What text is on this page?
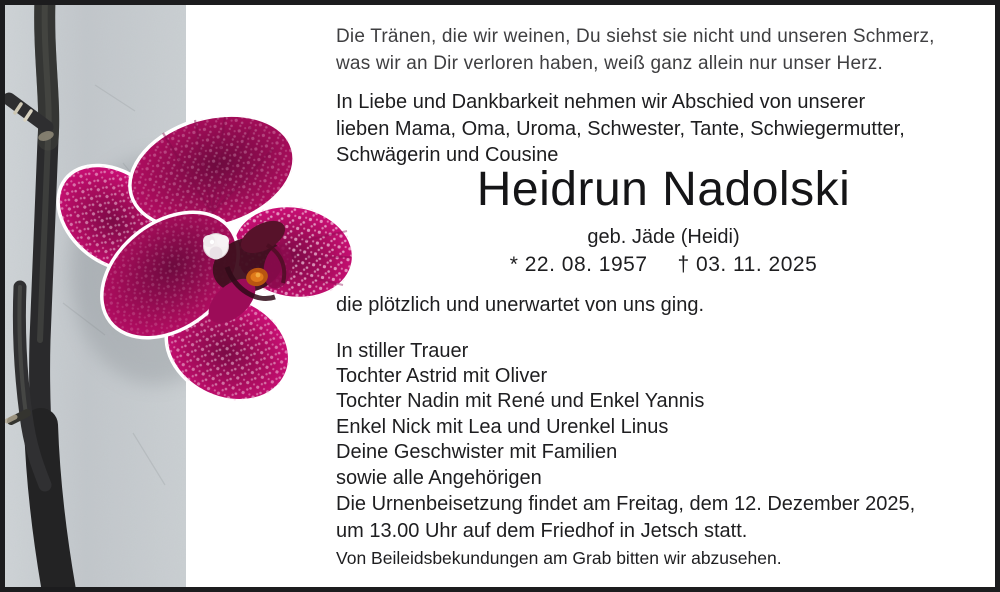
Die Tränen, die wir weinen, Du siehst sie nicht und unseren Schmerz,
was wir an Dir verloren haben, weiß ganz allein nur unser Herz.
In Liebe und Dankbarkeit nehmen wir Abschied von unserer
lieben Mama, Oma, Uroma, Schwester, Tante, Schwiegermutter,
Schwägerin und Cousine
Heidrun Nadolski
geb. Jäde (Heidi)
* 22. 08. 1957 † 03. 11. 2025
die plötzlich und unerwartet von uns ging.
In stiller Trauer
Tochter Astrid mit Oliver
Tochter Nadin mit René und Enkel Yannis
Enkel Nick mit Lea und Urenkel Linus
Deine Geschwister mit Familien
sowie alle Angehörigen
Die Urnenbeisetzung findet am Freitag, dem 12. Dezember 2025,
um 13.00 Uhr auf dem Friedhof in Jetsch statt.
Von Beileidsbekundungen am Grab bitten wir abzusehen.
